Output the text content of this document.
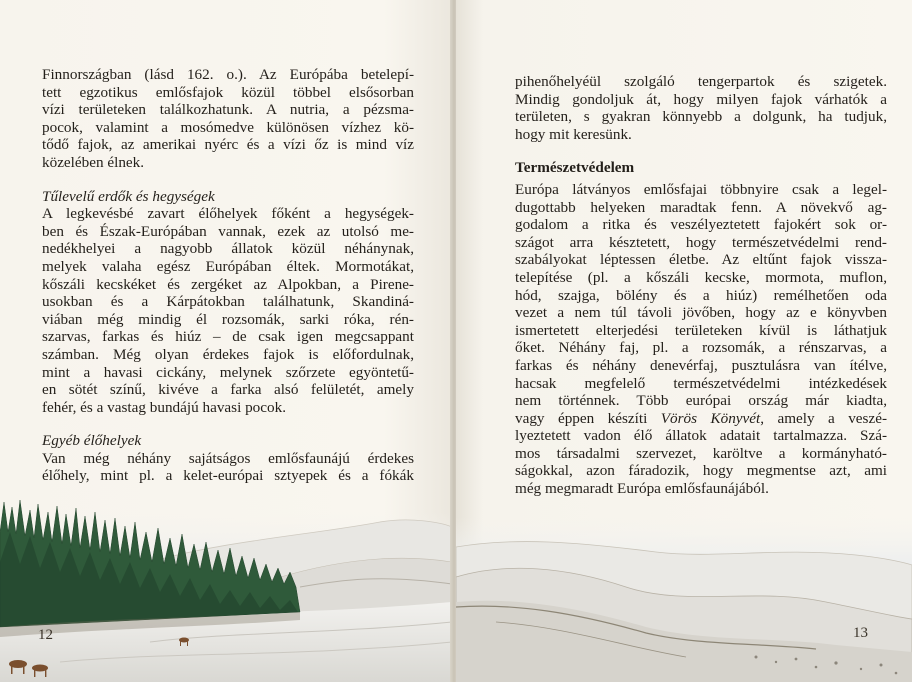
Finnországban (lásd 162. o.). Az Európába betelepí-
tett egzotikus emlősfajok közül többel elsősorban
vízi területeken találkozhatunk. A nutria, a pézsma-
pocok, valamint a mosómedve különösen vízhez kö-
tődő fajok, az amerikai nyérc és a vízi őz is mind víz
közelében élnek.

Tűlevelű erdők és hegységek

A legkevésbé zavart élőhelyek főként a hegységek-
ben és Észak-Európában vannak, ezek az utolsó me-
nedékhelyei a nagyobb állatok közül néhánynak,
melyek valaha egész Európában éltek. Mormotákat,
kőszáli kecskéket és zergéket az Alpokban, a Pirene-
usokban és a Kárpátokban találhatunk, Skandiná-
viában még mindig él rozsomák, sarki róka, rén-
szarvas, farkas és hiúz – de csak igen megcsappant
számban. Még olyan érdekes fajok is előfordulnak,
mint a havasi cickány, melynek szőrzete egyöntetű-
en sötét színű, kivéve a farka alsó felületét, amely
fehér, és a vastag bundájú havasi pocok.

Egyéb élőhelyek

Van még néhány sajátságos emlősfaunájú érdekes
élőhely, mint pl. a kelet-európai sztyepek és a fókák

12

pihenőhelyéül szolgáló tengerpartok és szigetek.
Mindig gondoljuk át, hogy milyen fajok várhatók a
területen, s gyakran könnyebb a dolgunk, ha tudjuk,
hogy mit keresünk.

Természetvédelem

Európa látványos emlősfajai többnyire csak a legel-
dugottabb helyeken maradtak fenn. A növekvő ag-
godalom a ritka és veszélyeztetett fajokért sok or-
szágot arra késztetett, hogy természetvédelmi rend-
szabályokat léptessen életbe. Az eltűnt fajok vissza-
telepítése (pl. a kőszáli kecske, mormota, muflon,
hód, szajga, bölény és a hiúz) remélhetően oda
vezet a nem túl távoli jövőben, hogy az e könyvben
ismertetett elterjedési területeken kívül is láthatjuk
őket. Néhány faj, pl. a rozsomák, a rénszarvas, a
farkas és néhány denevérfaj, pusztulásra van ítélve,
hacsak megfelelő természetvédelmi intézkedések
nem történnek. Több európai ország már kiadta,
vagy éppen készíti Vörös Könyvét, amely a veszé-
lyeztetett vadon élő állatok adatait tartalmazza. Szá-
mos társadalmi szervezet, karöltve a kormányható-
ságokkal, azon fáradozik, hogy megmentse azt, ami
még megmaradt Európa emlősfaunájából.

13
